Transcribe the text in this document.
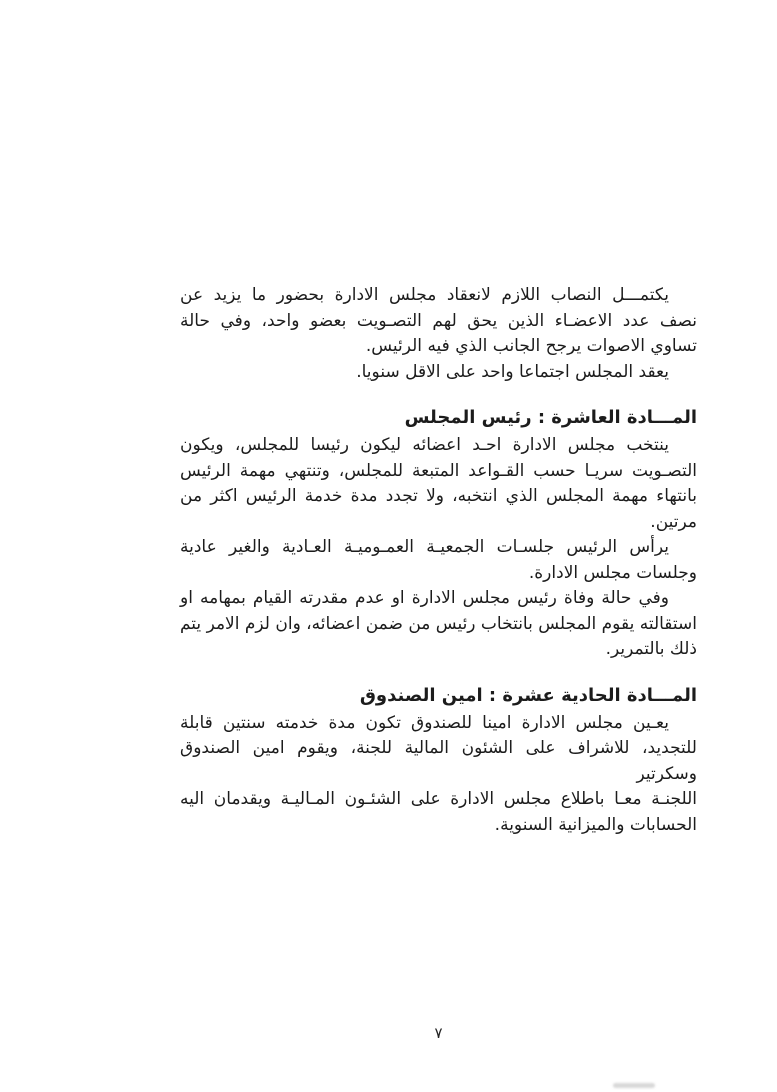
يكتمـــل النصاب اللازم لانعقاد مجلس الادارة بحضور ما يزيد عن
نصف عدد الاعضـاء الذين يحق لهم التصـويت بعضو واحد، وفي حالة
تساوي الاصوات يرجح الجانب الذي فيه الرئيس.
يعقد المجلس اجتماعا واحد على الاقل سنويا.
المـــادة العاشرة : رئيس المجلس
ينتخب مجلس الادارة احـد اعضائه ليكون رئيسا للمجلس، ويكون
التصـويت سريـا حسب القـواعد المتبعة للمجلس، وتنتهي مهمة الرئيس
بانتهاء مهمة المجلس الذي انتخبه، ولا تجدد مدة خدمة الرئيس اكثر من
مرتين.
يرأس الرئيس جلسـات الجمعيـة العمـوميـة العـادية والغير عادية
وجلسات مجلس الادارة.
وفي حالة وفاة رئيس مجلس الادارة او عدم مقدرته القيام بمهامه او
استقالته يقوم المجلس بانتخاب رئيس من ضمن اعضائه، وان لزم الامر يتم
ذلك بالتمرير.
المـــادة الحادية عشرة : امين الصندوق
يعـين مجلس الادارة امينا للصندوق تكون مدة خدمته سنتين قابلة
للتجديد، للاشراف على الشئون المالية للجنة، ويقوم امين الصندوق وسكرتير
اللجنـة معـا باطلاع مجلس الادارة على الشئـون المـاليـة ويقدمان اليه
الحسابات والميزانية السنوية.
٧
